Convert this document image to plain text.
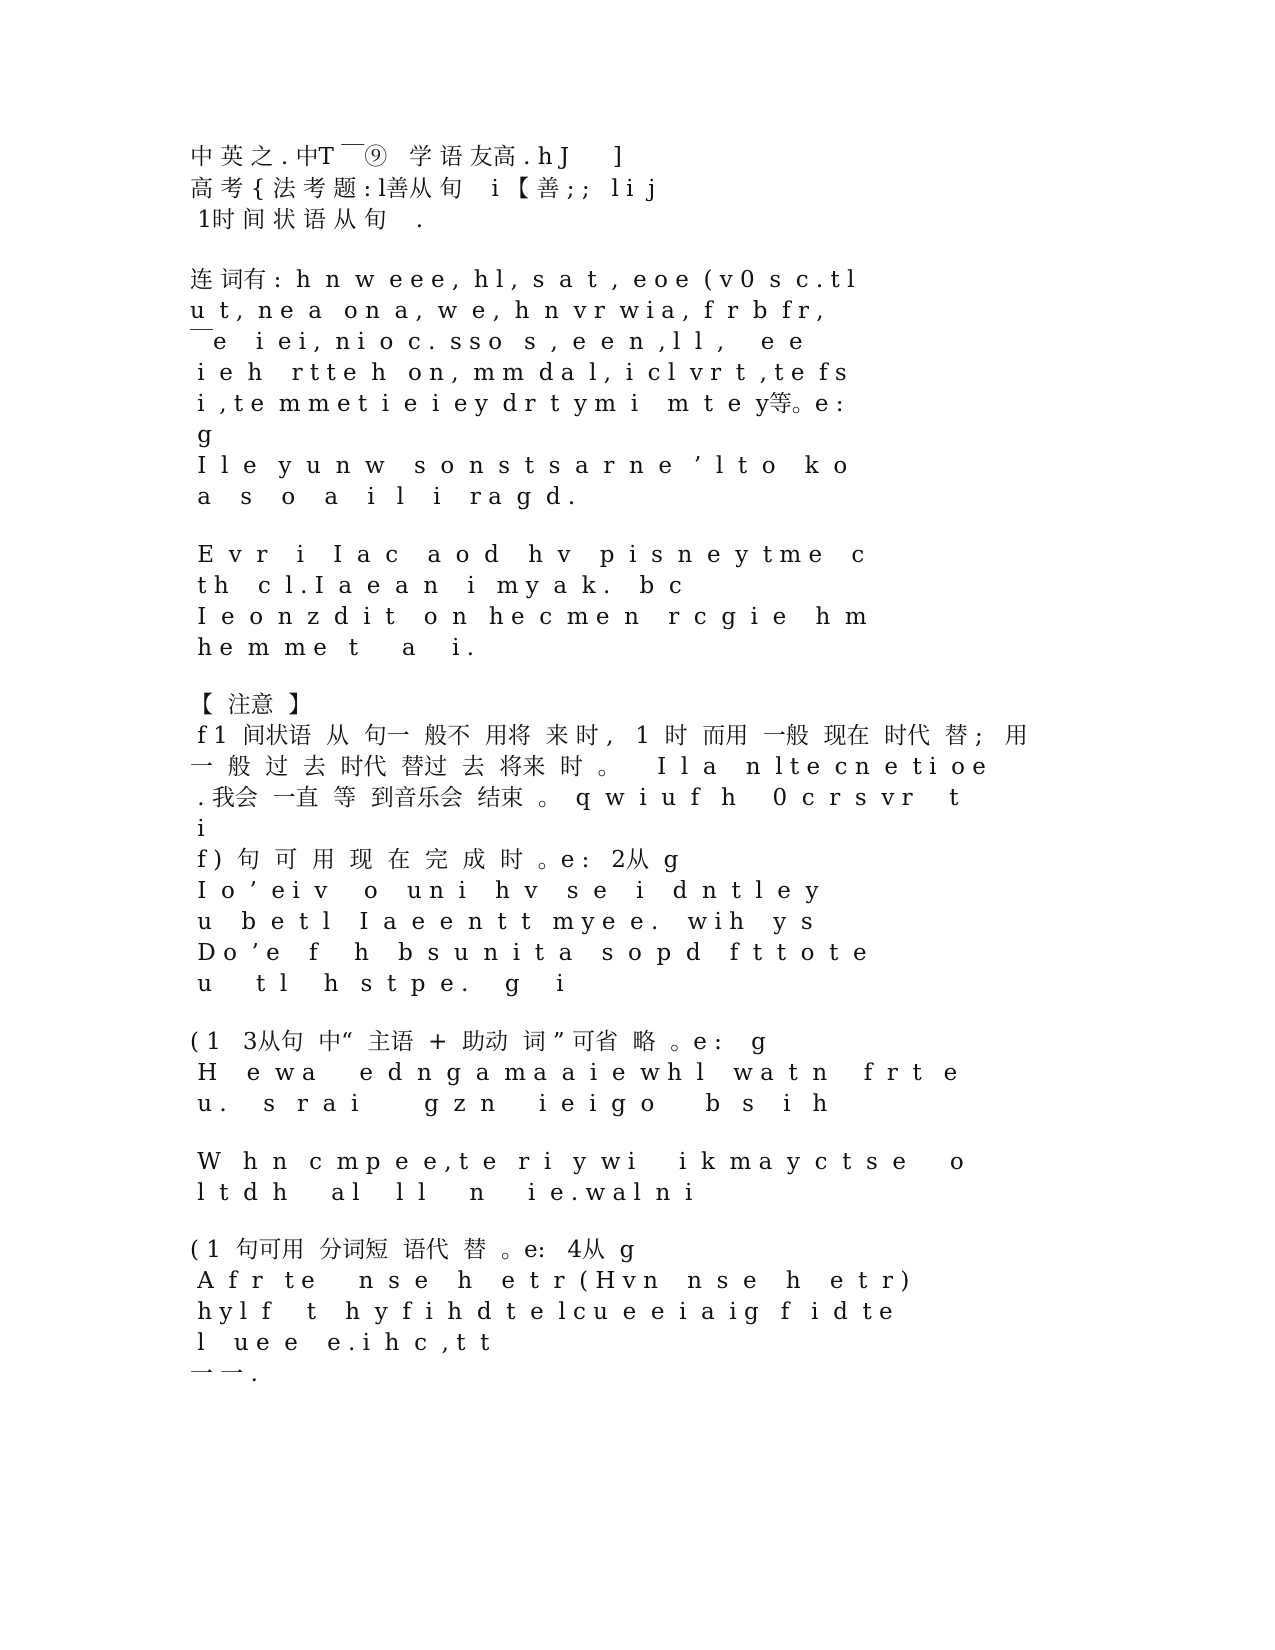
中 英 之 . 中T ￣⑨   学 语 友高 . h J      ]
高 考 { 法 考 题 : l善从 旬    i 【 善 ; ;   l i  j
1时 间 状 语 从 旬    .
连 词有 :  h  n  w  e e e ,  h l ,  s  a  t  ,  e o e  ( v 0  s  c . t l
u  t ,  n e  a   o n  a ,  w  e ,  h  n  v r  w i a ,  f  r  b  f r ,
￣e    i  e i ,  n i  o  c .  s s o   s  ,  e  e  n  , l  l  ,     e  e
i  e  h    r t t e  h   o n ,  m m  d a  l ,  i  c l  v r  t  , t e  f s
i  , t e  m m e t  i  e  i  e y  d r  t  y m  i    m  t  e  y等。e :
g
I  l  e   y  u  n  w    s  o  n  s  t  s  a  r  n  e   ’  l  t  o    k  o
a    s    o    a    i   l    i    r a  g  d .
E  v  r    i    I  a  c    a  o  d    h  v    p  i  s  n  e  y  t m e    c
t h    c  l . I  a  e  a  n    i   m y  a  k .    b  c
I  e  o  n  z  d  i  t    o  n   h e  c  m e  n    r  c  g  i  e    h  m
h e  m  m e   t      a     i .
【  注意  】
f 1  间状语  从  句一  般不  用将  来 时 ,   1  时  而用  一般  现在  时代  替 ;   用
一  般  过  去  时代  替过  去  将来  时  。     I  l  a    n  l t e  c n  e  t i  o e
. 我会  一直  等  到音乐会  结束  。  q  w  i  u  f   h     0  c  r  s  v r     t
i
f )  句  可  用  现  在  完  成  时  。e :   2从  g
I  o  ’  e i  v     o    u n  i    h  v    s  e    i    d  n  t  l  e  y
u    b  e  t  l    I  a  e  e  n  t  t   m y e  e .    w i h    y  s
D o  ’ e    f     h    b  s  u  n  i  t  a    s  o  p  d    f  t  t  o  t  e
u      t  l     h   s  t  p  e .     g     i
( 1   3从句  中“  主语  +  助动  词 ” 可省  略  。e :    g
H    e  w a      e  d  n  g  a  m a  a  i  e  w h  l    w a  t  n     f  r  t   e
u .     s   r  a  i         g  z  n      i  e  i  g  o       b   s    i   h
W   h  n   c  m p  e  e , t  e   r  i   y  w i      i  k  m a  y  c  t  s  e      o
l  t  d  h      a l     l  l      n      i  e . w a l  n  i
( 1  句可用  分词短  语代  替  。e:   4从  g
A  f  r   t e      n  s  e    h    e  t  r  ( H v n    n  s  e    h    e  t  r )
h y l  f     t    h  y  f  i  h  d  t  e  l c u  e  e  i  a  i g   f   i  d  t e
l    u e  e    e . i  h  c  , t  t
一 一 .
